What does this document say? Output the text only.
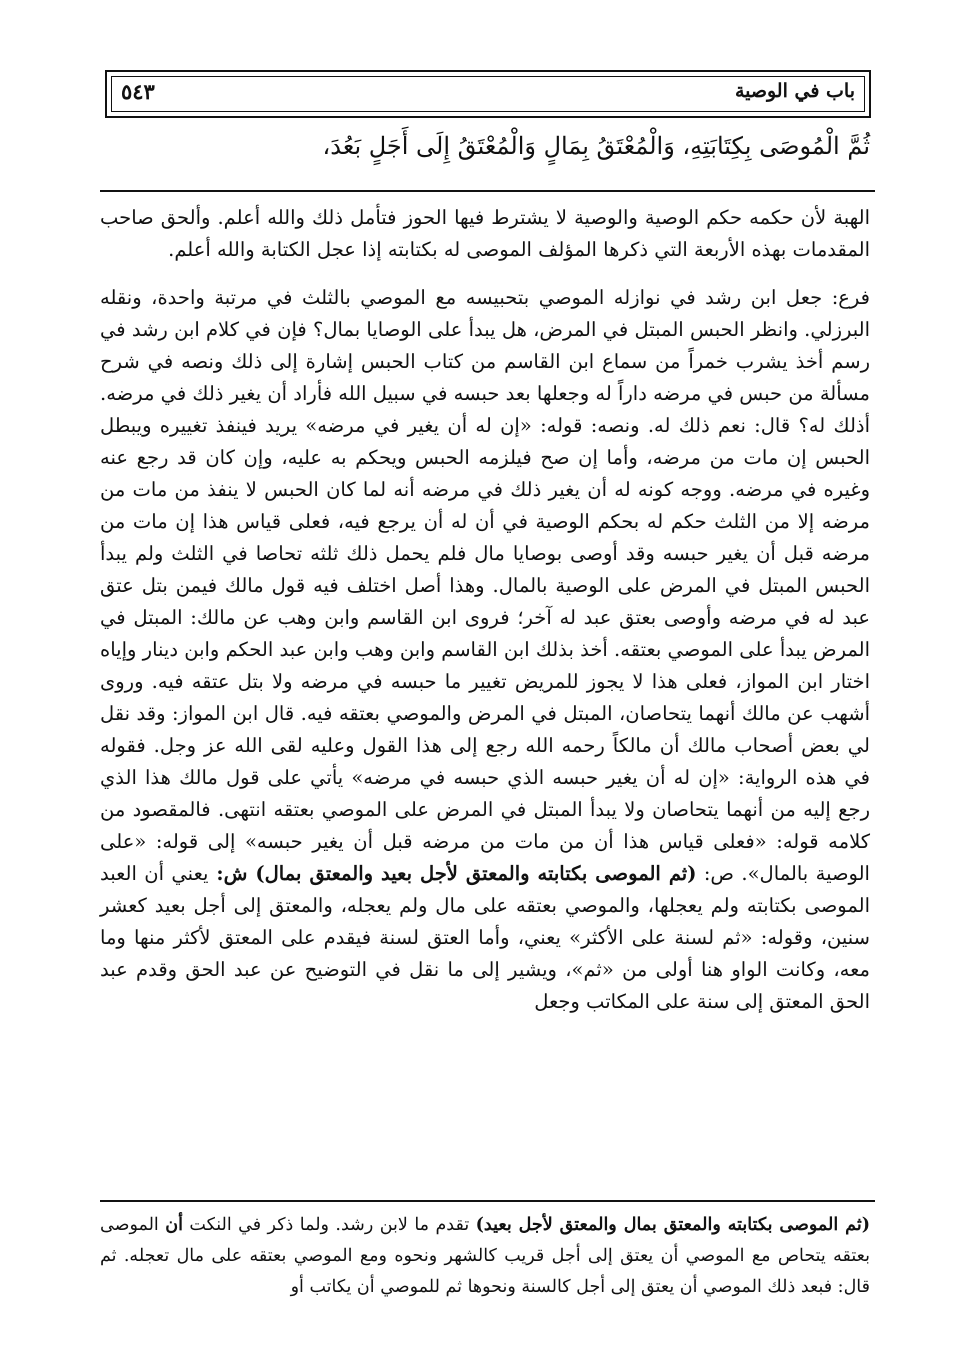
باب في الوصية
٥٤٣
ثُمَّ الْمُوصَى بِكِتَابَتِهِ، وَالْمُعْتَقُ بِمَالٍ وَالْمُعْتَقُ إِلَى أَجَلٍ بَعُدَ،

الهبة لأن حكمه حكم الوصية والوصية لا يشترط فيها الحوز فتأمل ذلك والله أعلم. وألحق صاحب المقدمات بهذه الأربعة التي ذكرها المؤلف الموصى له بكتابته إذا عجل الكتابة والله أعلم.

فرع: جعل ابن رشد في نوازله الموصي بتحبيسه مع الموصي بالثلث في مرتبة واحدة، ونقله البرزلي. وانظر الحبس المبتل في المرض، هل يبدأ على الوصايا بمال؟ فإن في كلام ابن رشد في رسم أخذ يشرب خمراً من سماع ابن القاسم من كتاب الحبس إشارة إلى ذلك ونصه في شرح مسألة من حبس في مرضه داراً له وجعلها بعد حبسه في سبيل الله فأراد أن يغير ذلك في مرضه. أذلك له؟ قال: نعم ذلك له. ونصه: قوله: «إن له أن يغير في مرضه» يريد فينفذ تغييره ويبطل الحبس إن مات من مرضه، وأما إن صح فيلزمه الحبس ويحكم به عليه، وإن كان قد رجع عنه وغيره في مرضه. ووجه كونه له أن يغير ذلك في مرضه أنه لما كان الحبس لا ينفذ من مات من مرضه إلا من الثلث حكم له بحكم الوصية في أن له أن يرجع فيه، فعلى قياس هذا إن مات من مرضه قبل أن يغير حبسه وقد أوصى بوصايا مال فلم يحمل ذلك ثلثه تحاصا في الثلث ولم يبدأ الحبس المبتل في المرض على الوصية بالمال. وهذا أصل اختلف فيه قول مالك فيمن بتل عتق عبد له في مرضه وأوصى بعتق عبد له آخر؛ فروى ابن القاسم وابن وهب عن مالك: المبتل في المرض يبدأ على الموصي بعتقه. أخذ بذلك ابن القاسم وابن وهب وابن عبد الحكم وابن دينار وإياه اختار ابن المواز، فعلى هذا لا يجوز للمريض تغيير ما حبسه في مرضه ولا بتل عتقه فيه. وروى أشهب عن مالك أنهما يتحاصان، المبتل في المرض والموصي بعتقه فيه. قال ابن المواز: وقد نقل لي بعض أصحاب مالك أن مالكاً رحمه الله رجع إلى هذا القول وعليه لقى الله عز وجل. فقوله في هذه الرواية: «إن له أن يغير حبسه الذي حبسه في مرضه» يأتي على قول مالك هذا الذي رجع إليه من أنهما يتحاصان ولا يبدأ المبتل في المرض على الموصي بعتقه انتهى. فالمقصود من كلامه قوله: «فعلى قياس هذا أن من مات من مرضه قبل أن يغير حبسه» إلى قوله: «على الوصية بالمال». ص: (ثم الموصى بكتابته والمعتق لأجل بعيد والمعتق بمال) ش: يعني أن العبد الموصى بكتابته ولم يعجلها، والموصي بعتقه على مال ولم يعجله، والمعتق إلى أجل بعيد كعشر سنين، وقوله: «ثم لسنة على الأكثر» يعني، وأما العتق لسنة فيقدم على المعتق لأكثر منها وما معه، وكانت الواو هنا أولى من «ثم»، ويشير إلى ما نقل في التوضيح عن عبد الحق وقدم عبد الحق المعتق إلى سنة على المكاتب وجعل

(ثم الموصى بكتابته والمعتق بمال والمعتق لأجل بعيد) تقدم ما لابن رشد. ولما ذكر في النكت أن الموصى بعتقه يتحاص مع الموصي أن يعتق إلى أجل قريب كالشهر ونحوه ومع الموصي بعتقه على مال تعجله. ثم قال: فبعد ذلك الموصي أن يعتق إلى أجل كالسنة ونحوها ثم للموصي أن يكاتب أو
